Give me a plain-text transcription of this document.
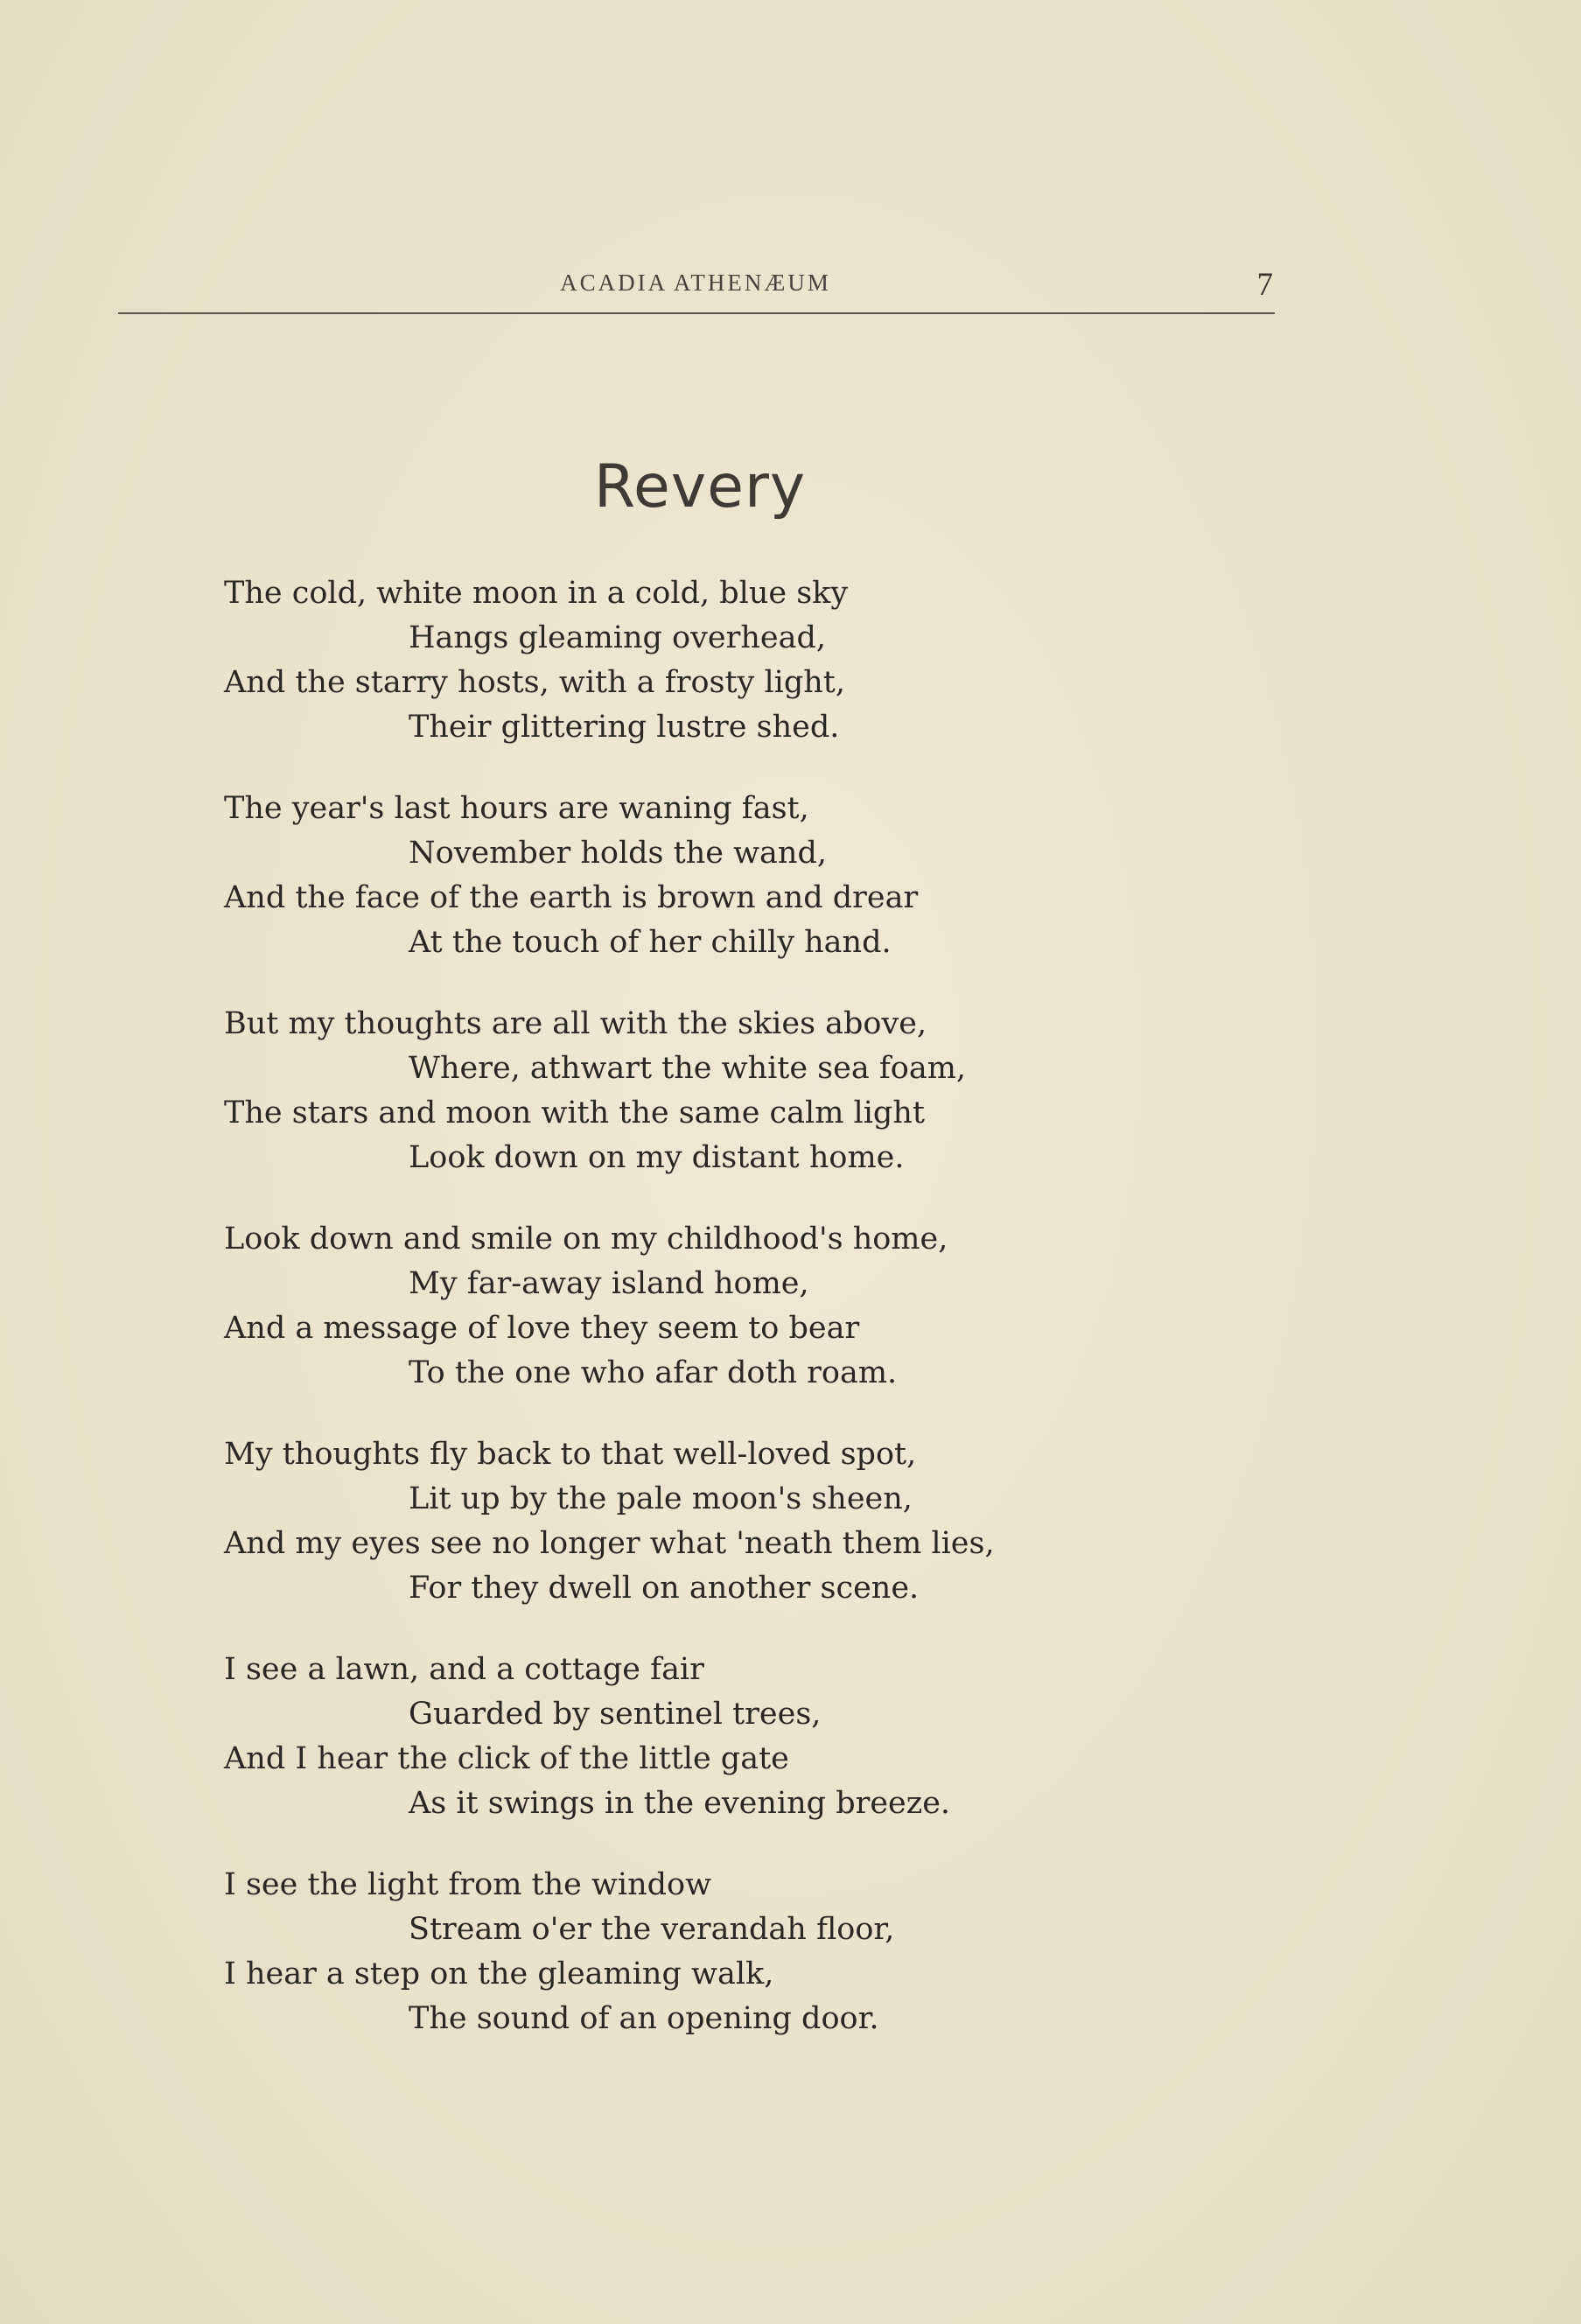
ACADIA ATHENÆUM	7
Revery
The cold, white moon in a cold, blue sky
Hangs gleaming overhead,
And the starry hosts, with a frosty light,
Their glittering lustre shed.
The year's last hours are waning fast,
November holds the wand,
And the face of the earth is brown and drear
At the touch of her chilly hand.
But my thoughts are all with the skies above,
Where, athwart the white sea foam,
The stars and moon with the same calm light
Look down on my distant home.
Look down and smile on my childhood's home,
My far-away island home,
And a message of love they seem to bear
To the one who afar doth roam.
My thoughts fly back to that well-loved spot,
Lit up by the pale moon's sheen,
And my eyes see no longer what 'neath them lies,
For they dwell on another scene.
I see a lawn, and a cottage fair
Guarded by sentinel trees,
And I hear the click of the little gate
As it swings in the evening breeze.
I see the light from the window
Stream o'er the verandah floor,
I hear a step on the gleaming walk,
The sound of an opening door.
